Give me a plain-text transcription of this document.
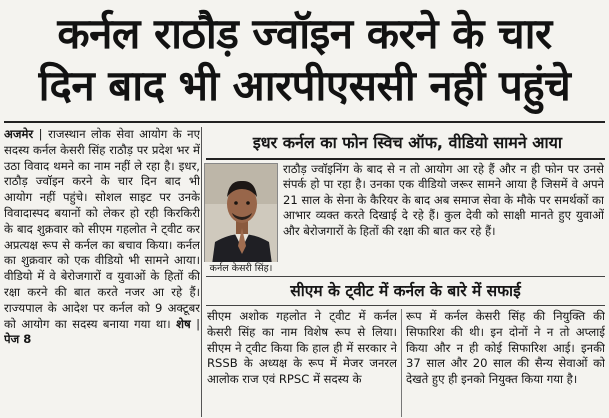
कर्नल राठौड़ ज्वॉइन करने के चार
दिन बाद भी आरपीएससी नहीं पहुंचे
अजमेर | राजस्थान लोक सेवा आयोग के नए सदस्य कर्नल केसरी सिंह राठौड़ पर प्रदेश भर में उठा विवाद थमने का नाम नहीं ले रहा है। इधर, राठौड़ ज्वॉइन करने के चार दिन बाद भी आयोग नहीं पहुंचे। सोशल साइट पर उनके विवादास्पद बयानों को लेकर हो रही किरकिरी के बाद शुक्रवार को सीएम गहलोत ने ट्वीट कर अप्रत्यक्ष रूप से कर्नल का बचाव किया। कर्नल का शुक्रवार को एक वीडियो भी सामने आया। वीडियो में वे बेरोजगारों व युवाओं के हितों की रक्षा करने की बात करते नजर आ रहे हैं। राज्यपाल के आदेश पर कर्नल को 9 अक्टूबर को आयोग का सदस्य बनाया गया था। शेष | पेज 8
इधर कर्नल का फोन स्विच ऑफ, वीडियो सामने आया
कर्नल केसरी सिंह।
राठौड़ ज्वॉइनिंग के बाद से न तो आयोग आ रहे हैं और न ही फोन पर उनसे संपर्क हो पा रहा है। उनका एक वीडियो जरूर सामने आया है जिसमें वे अपने 21 साल के सेना के कैरियर के बाद अब समाज सेवा के मौके पर समर्थकों का आभार व्यक्त करते दिखाई दे रहे हैं। कुल देवी को साक्षी मानते हुए युवाओं और बेरोजगारों के हितों की रक्षा की बात कर रहे हैं।
सीएम के ट्वीट में कर्नल के बारे में सफाई
सीएम अशोक गहलोत ने ट्वीट में कर्नल केसरी सिंह का नाम विशेष रूप से लिया। सीएम ने ट्वीट किया कि हाल ही में सरकार ने RSSB के अध्यक्ष के रूप में मेजर जनरल आलोक राज एवं RPSC में सदस्य के
रूप में कर्नल केसरी सिंह की नियुक्ति की सिफारिश की थी। इन दोनों ने न तो अप्लाई किया और न ही कोई सिफारिश आई। इनकी 37 साल और 20 साल की सैन्य सेवाओं को देखते हुए ही इनको नियुक्त किया गया है।
